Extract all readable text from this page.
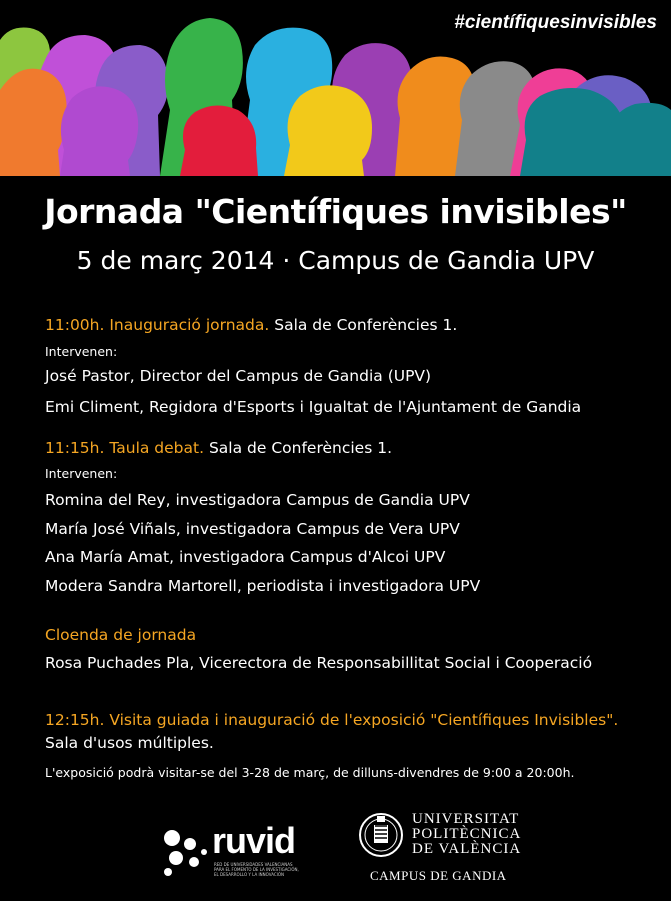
#científiquesinvisibles
Jornada "Científiques invisibles"
5 de març 2014 · Campus de Gandia UPV
11:00h. Inauguració jornada. Sala de Conferències 1.
Intervenen:
José Pastor, Director del Campus de Gandia (UPV)
Emi Climent, Regidora d'Esports i Igualtat de l'Ajuntament de Gandia
11:15h. Taula debat. Sala de Conferències 1.
Intervenen:
Romina del Rey, investigadora Campus de Gandia UPV
María José Viñals, investigadora Campus de Vera UPV
Ana María Amat, investigadora Campus d'Alcoi UPV
Modera Sandra Martorell, periodista i investigadora UPV
Cloenda de jornada
Rosa Puchades Pla, Vicerectora de Responsabillitat Social i Cooperació
12:15h. Visita guiada i inauguració de l'exposició "Científiques Invisibles".
Sala d'usos múltiples.
L'exposició podrà visitar-se del 3-28 de març, de dilluns-divendres de 9:00 a 20:00h.
ruvid
RED DE UNIVERSIDADES VALENCIANAS PARA EL FOMENTO DE LA INVESTIGACIÓN, EL DESARROLLO Y LA INNOVACIÓN
UNIVERSITAT
POLITÈCNICA
DE VALÈNCIA
CAMPUS DE GANDIA
